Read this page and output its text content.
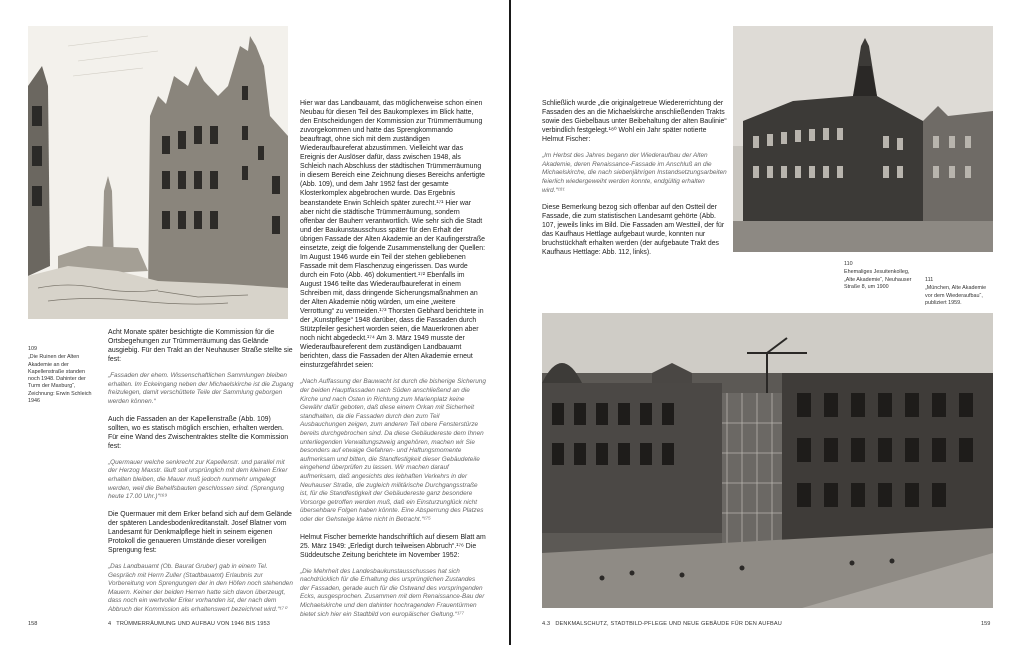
109
„Die Ruinen der Alten Akademie an der Kapellenstraße standen noch 1948. Dahinter der Turm der Maxburg“, Zeichnung: Erwin Schleich 1946

Acht Monate später besichtigte die Kommission für die Ortsbegehungen zur Trümmerräumung das Gelände ausgiebig. Für den Trakt an der Neuhauser Straße stellte sie fest:

„Fassaden der ehem. Wissenschaftlichen Sammlungen bleiben erhalten. Im Eckeingang neben der Michaelskirche ist die Zugang freizulegen, damit verschüttete Teile der Sammlung geborgen werden können.“

Auch die Fassaden an der Kapellenstraße (Abb. 109) sollten, wo es statisch möglich erschien, erhalten werden. Für eine Wand des Zwischentraktes stellte die Kommission fest:

„Quermauer welche senkrecht zur Kapellenstr. und parallel mit der Herzog Maxstr. läuft soll ursprünglich mit dem kleinen Erker erhalten bleiben, die Mauer muß jedoch nunmehr umgelegt werden, weil die Behelfsbauten geschlossen sind. (Sprengung heute 17.00 Uhr.)“¹⁶⁹

Die Quermauer mit dem Erker befand sich auf dem Gelände der späteren Landesbodenkreditanstalt. Josef Blatner vom Landesamt für Denkmalpflege hielt in seinem eigenen Protokoll die genaueren Umstände dieser voreiligen Sprengung fest:

„Das Landbauamt (Ob. Baurat Gruber) gab in einem Tel. Gespräch mit Herrn Zuller (Stadtbauamt) Erlaubnis zur Vorbereitung von Sprengungen der in den Höfen noch stehenden Mauern. Keiner der beiden Herren hatte sich davon überzeugt, dass noch ein wertvoller Erker vorhanden ist, der nach dem Abbruch der Kommission als erhaltenswert bezeichnet wird.“¹⁷⁰

Hier war das Landbauamt, das möglicherweise schon einen Neubau für diesen Teil des Baukomplexes im Blick hatte, den Entscheidungen der Kommission zur Trümmerräumung zuvorgekommen und hatte das Sprengkommando beauftragt, ohne sich mit dem zuständigen Wiederaufbaureferat abzustimmen. Vielleicht war das Ereignis der Auslöser dafür, dass zwischen 1948, als Schleich nach Abschluss der städtischen Trümmerräumung in diesem Bereich eine Zeichnung dieses Bereichs anfertigte (Abb. 109), und dem Jahr 1952 fast der gesamte Klosterkomplex abgebrochen wurde. Das Ergebnis beanstandete Erwin Schleich später zurecht.¹⁷¹ Hier war aber nicht die städtische Trümmerräumung, sondern offenbar der Bauherr verantwortlich. Wie sehr sich die Stadt und der Baukunstausschuss später für den Erhalt der übrigen Fassade der Alten Akademie an der Kaufingerstraße einsetzte, zeigt die folgende Zusammenstellung der Quellen: Im August 1946 wurde ein Teil der stehen gebliebenen Fassade mit dem Flaschenzug eingerissen. Das wurde durch ein Foto (Abb. 46) dokumentiert.¹⁷² Ebenfalls im August 1946 teilte das Wiederaufbaureferat in einem Schreiben mit, dass dringende Sicherungsmaßnahmen an der Alten Akademie nötig würden, um eine „weitere Verrottung“ zu vermeiden.¹⁷³ Thorsten Gebhard berichtete in der „Kunstpflege“ 1948 darüber, dass die Fassaden durch Stützpfeiler gesichert worden seien, die Mauerkronen aber noch nicht abgedeckt.¹⁷⁴ Am 3. März 1949 musste der Wiederaufbaureferent dem zuständigen Landbauamt berichten, dass die Fassaden der Alten Akademie erneut einsturzgefährdet seien:

„Nach Auffassung der Bauwacht ist durch die bisherige Sicherung der beiden Hauptfassaden nach Süden anschließend an die Kirche und nach Osten in Richtung zum Marienplatz keine Gewähr dafür geboten, daß diese einem Orkan mit Sicherheit standhalten, da die Fassaden durch den zum Teil Ausbauchungen zeigen, zum anderen Teil obere Fensterstürze bereits durchgebrochen sind. Da diese Gebäudereste dem Ihnen unterliegenden Verwaltungszweig angehören, machen wir Sie besonders auf etwaige Gefahren- und Haftungsmomente aufmerksam und bitten, die Standfestigkeit dieser Gebäudeteile eingehend überprüfen zu lassen. Wir machen darauf aufmerksam, daß angesichts des lebhaften Verkehrs in der Neuhauser Straße, die zugleich militärische Durchgangsstraße ist, für die Standfestigkeit der Gebäudereste ganz besondere Vorsorge getroffen werden muß, daß ein Einsturzunglück nicht übersehbare Folgen haben könnte. Eine Absperrung des Platzes oder der Gehsteige käme nicht in Betracht.“¹⁷⁵

Helmut Fischer bemerkte handschriftlich auf diesem Blatt am 25. März 1949: „Erledigt durch teilweisen Abbruch“.¹⁷⁶ Die Süddeutsche Zeitung berichtete im November 1952:

„Die Mehrheit des Landesbaukunstausschusses hat sich nachdrücklich für die Erhaltung des ursprünglichen Zustandes der Fassaden, gerade auch für die Ostwand des vorspringenden Ecks, ausgesprochen. Zusammen mit dem Renaissance-Bau der Michaelskirche und den dahinter hochragenden Frauentürmen bietet sich hier ein Stadtbild von europäischer Geltung.“¹⁷⁷

158	4 TRÜMMERRÄUMUNG UND AUFBAU VON 1946 BIS 1953

Schließlich wurde „die originalgetreue Wiedererrichtung der Fassaden des an die Michaelskirche anschließenden Trakts sowie des Giebelbaus unter Beibehaltung der alten Baulinie“ verbindlich festgelegt.¹⁸⁰ Wohl ein Jahr später notierte Helmut Fischer:

„Im Herbst des Jahres begann der Wiederaufbau der Alten Akademie, deren Renaissance-Fassade im Anschluß an die Michaelskirche, die nach siebenjährigen Instandsetzungsarbeiten feierlich wiedergeweiht werden konnte, endgültig erhalten wird.“¹⁸¹

Diese Bemerkung bezog sich offenbar auf den Ostteil der Fassade, die zum statistischen Landesamt gehörte (Abb. 107, jeweils links im Bild. Die Fassaden am Westteil, der für das Kaufhaus Hettlage aufgebaut wurde, konnten nur bruchstückhaft erhalten werden (der aufgebaute Trakt des Kaufhaus Hettlage: Abb. 112, links).

110
Ehemaliges Jesuitenkolleg, „Alte Akademie“, Neuhauser Straße 8, um 1900
111
„München, Alte Akademie vor dem Wiederaufbau“, publiziert 1959.
4.3 DENKMALSCHUTZ, STADTBILD-PFLEGE UND NEUE GEBÄUDE FÜR DEN AUFBAU	159
